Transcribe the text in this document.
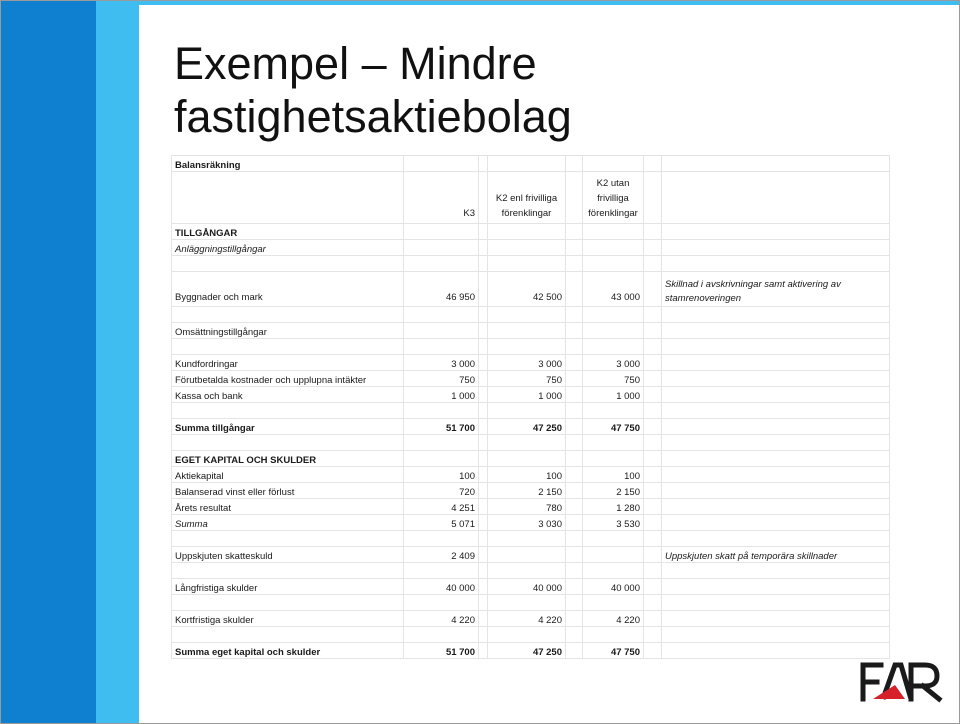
Exempel – Mindre fastighetsaktiebolag
Balansräkning							
	K3		K2 enl frivilliga förenklingar		K2 utan frivilliga förenklingar		
TILLGÅNGAR							
Anläggningstillgångar							

Byggnader och mark	46 950		42 500		43 000		Skillnad i avskrivningar samt aktivering av stamrenoveringen

Omsättningstillgångar							

Kundfordringar	3 000		3 000		3 000		
Förutbetalda kostnader och upplupna intäkter	750		750		750		
Kassa och bank	1 000		1 000		1 000		

Summa tillgångar	51 700		47 250		47 750		

EGET KAPITAL OCH SKULDER							
Aktiekapital	100		100		100		
Balanserad vinst eller förlust	720		2 150		2 150		
Årets resultat	4 251		780		1 280		
Summa	5 071		3 030		3 530		

Uppskjuten skatteskuld	2 409						Uppskjuten skatt på temporära skillnader

Långfristiga skulder	40 000		40 000		40 000		

Kortfristiga skulder	4 220		4 220		4 220		

Summa eget kapital och skulder	51 700		47 250		47 750		
